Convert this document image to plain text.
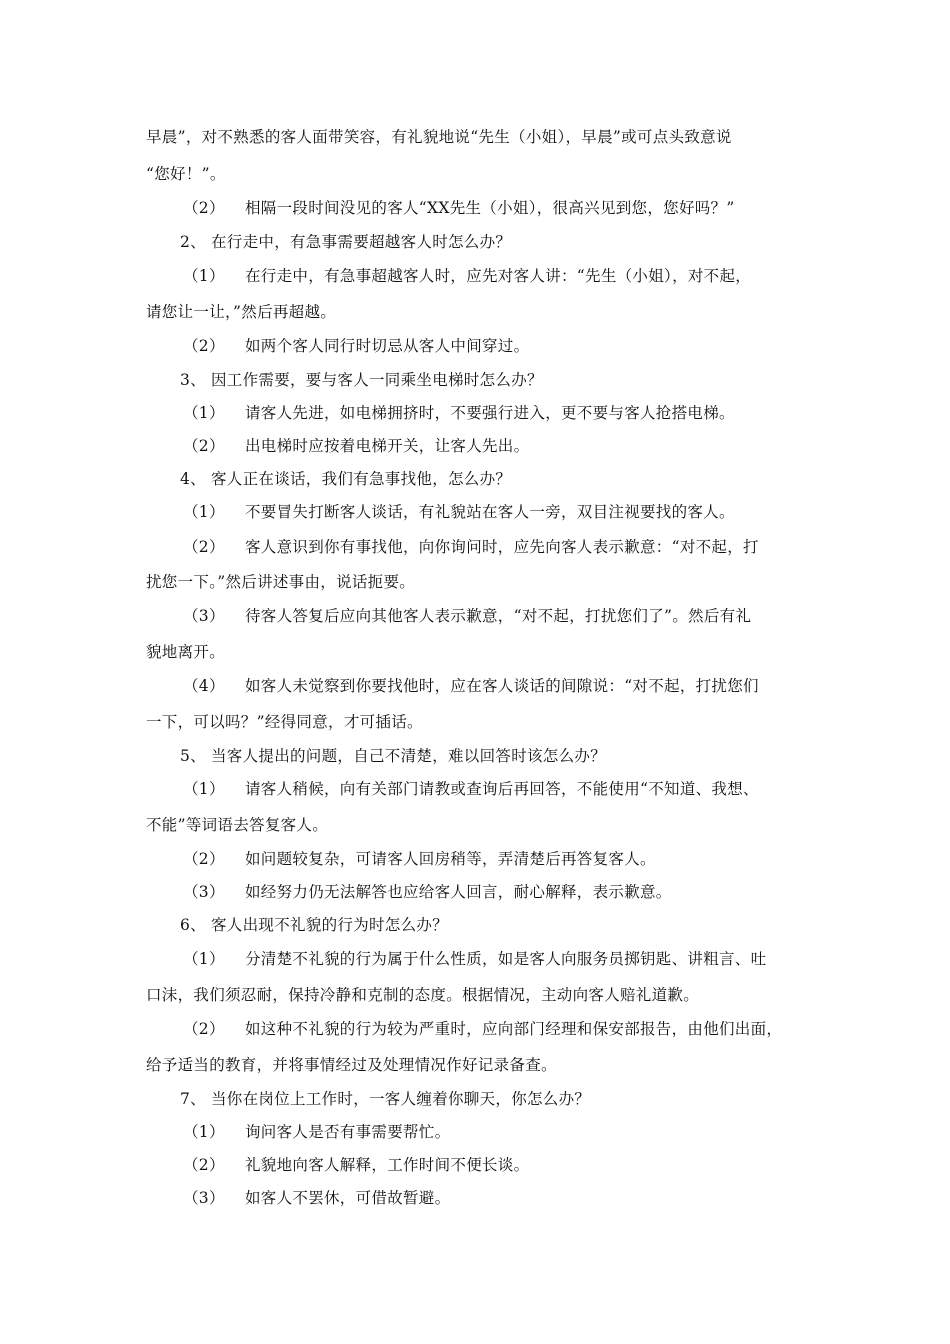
早晨”，对不熟悉的客人面带笑容，有礼貌地说“先生（小姐），早晨”或可点头致意说
“您好！”。
（2） 相隔一段时间没见的客人“XX先生（小姐），很高兴见到您，您好吗？”
2、 在行走中，有急事需要超越客人时怎么办？
（1） 在行走中，有急事超越客人时，应先对客人讲：“先生（小姐），对不起，
请您让一让，”然后再超越。
（2） 如两个客人同行时切忌从客人中间穿过。
3、 因工作需要，要与客人一同乘坐电梯时怎么办？
（1） 请客人先进，如电梯拥挤时，不要强行进入，更不要与客人抢搭电梯。
（2） 出电梯时应按着电梯开关，让客人先出。
4、 客人正在谈话，我们有急事找他，怎么办？
（1） 不要冒失打断客人谈话，有礼貌站在客人一旁，双目注视要找的客人。
（2） 客人意识到你有事找他，向你询问时，应先向客人表示歉意：“对不起，打
扰您一下。”然后讲述事由，说话扼要。
（3） 待客人答复后应向其他客人表示歉意，“对不起，打扰您们了”。然后有礼
貌地离开。
（4） 如客人未觉察到你要找他时，应在客人谈话的间隙说：“对不起，打扰您们
一下，可以吗？”经得同意，才可插话。
5、 当客人提出的问题，自己不清楚，难以回答时该怎么办？
（1） 请客人稍候，向有关部门请教或查询后再回答，不能使用“不知道、我想、
不能”等词语去答复客人。
（2） 如问题较复杂，可请客人回房稍等，弄清楚后再答复客人。
（3） 如经努力仍无法解答也应给客人回言，耐心解释，表示歉意。
6、 客人出现不礼貌的行为时怎么办？
（1） 分清楚不礼貌的行为属于什么性质，如是客人向服务员掷钥匙、讲粗言、吐
口沫，我们须忍耐，保持冷静和克制的态度。根据情况，主动向客人赔礼道歉。
（2） 如这种不礼貌的行为较为严重时，应向部门经理和保安部报告，由他们出面，
给予适当的教育，并将事情经过及处理情况作好记录备查。
7、 当你在岗位上工作时，一客人缠着你聊天，你怎么办？
（1） 询问客人是否有事需要帮忙。
（2） 礼貌地向客人解释，工作时间不便长谈。
（3） 如客人不罢休，可借故暂避。
